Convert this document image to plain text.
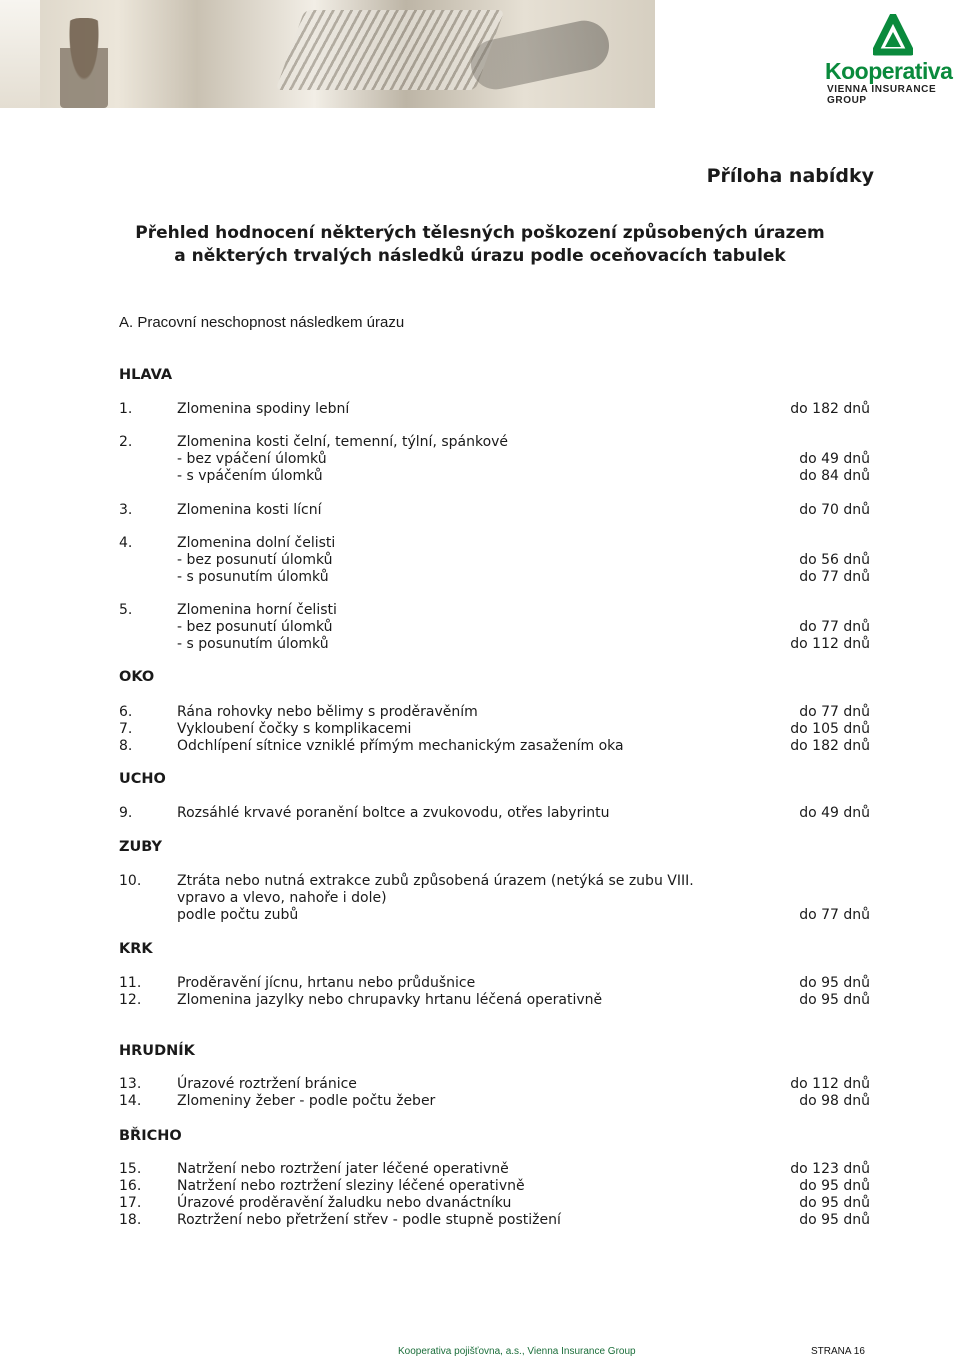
Kooperativa
VIENNA INSURANCE GROUP
Příloha nabídky
Přehled hodnocení některých tělesných poškození způsobených úrazem
a některých trvalých následků úrazu podle oceňovacích tabulek
A. Pracovní neschopnost následkem úrazu
HLAVA
OKO
UCHO
ZUBY
KRK
HRUDNÍK
BŘICHO
1.	Zlomenina spodiny lební	do 182 dnů
2.	Zlomenina kosti čelní, temenní, týlní, spánkové
- bez vpáčení úlomků	do 49 dnů
- s vpáčením úlomků	do 84 dnů
3.	Zlomenina kosti lícní	do 70 dnů
4.	Zlomenina dolní čelisti
- bez posunutí úlomků	do 56 dnů
- s posunutím úlomků	do 77 dnů
5.	Zlomenina horní čelisti
- bez posunutí úlomků	do 77 dnů
- s posunutím úlomků	do 112 dnů
6.	Rána rohovky nebo bělimy s proděravěním	do 77 dnů
7.	Vykloubení čočky s komplikacemi	do 105 dnů
8.	Odchlípení sítnice vzniklé přímým mechanickým zasažením oka	do 182 dnů
9.	Rozsáhlé krvavé poranění boltce a zvukovodu, otřes labyrintu	do 49 dnů
10.	Ztráta nebo nutná extrakce zubů způsobená úrazem (netýká se zubu VIII.
vpravo a vlevo, nahoře i dole)
podle počtu zubů	do 77 dnů
11.	Proděravění jícnu, hrtanu nebo průdušnice	do 95 dnů
12.	Zlomenina jazylky nebo chrupavky hrtanu léčená operativně	do 95 dnů
13.	Úrazové roztržení bránice	do 112 dnů
14.	Zlomeniny žeber - podle počtu žeber	do 98 dnů
15.	Natržení nebo roztržení jater léčené operativně	do 123 dnů
16.	Natržení nebo roztržení sleziny léčené operativně	do 95 dnů
17.	Úrazové proděravění žaludku nebo dvanáctníku	do 95 dnů
18.	Roztržení nebo přetržení střev - podle stupně postižení	do 95 dnů
Kooperativa pojišťovna, a.s., Vienna Insurance Group	STRANA 16
